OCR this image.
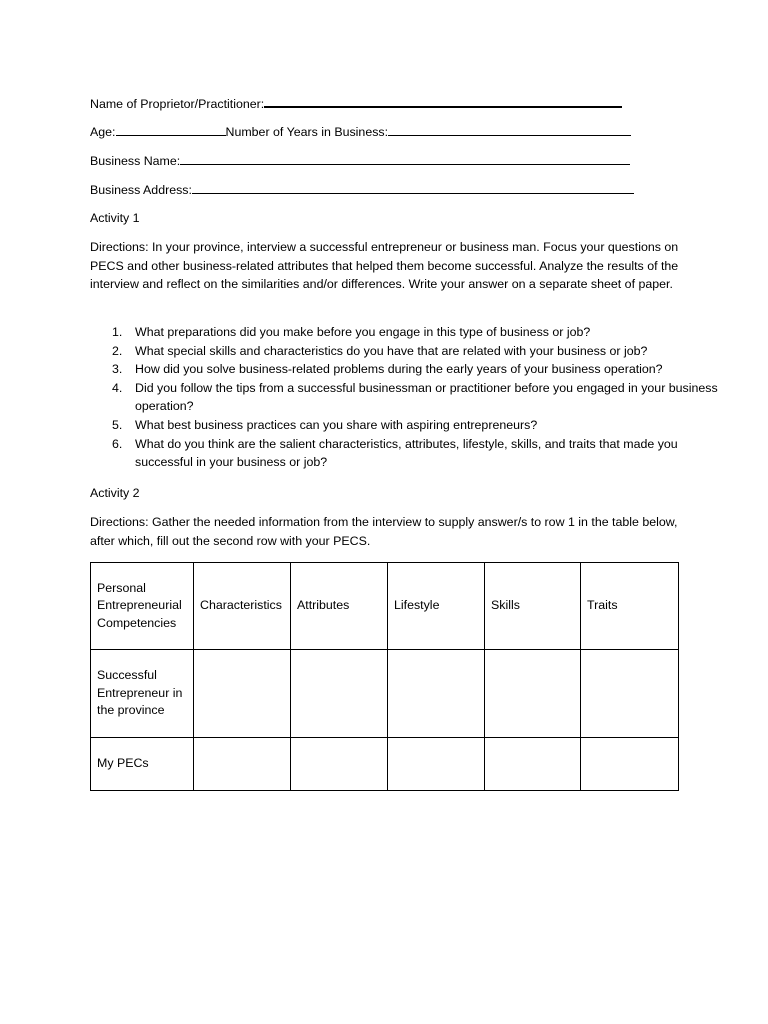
Name of Proprietor/Practitioner:
Age:	Number of Years in Business:
Business Name:
Business Address:
Activity 1
Directions: In your province, interview a successful entrepreneur or business man. Focus your questions on PECS and other business-related attributes that helped them become successful. Analyze the results of the interview and reflect on the similarities and/or differences. Write your answer on a separate sheet of paper.
1.	What preparations did you make before you engage in this type of business or job?
2.	What special skills and characteristics do you have that are related with your business or job?
3.	How did you solve business-related problems during the early years of your business operation?
4.	Did you follow the tips from a successful businessman or practitioner before you engaged in your business operation?
5.	What best business practices can you share with aspiring entrepreneurs?
6.	What do you think are the salient characteristics, attributes, lifestyle, skills, and traits that made you successful in your business or job?
Activity 2
Directions: Gather the needed information from the interview to supply answer/s to row 1 in the table below, after which, fill out the second row with your PECS.
Personal Entrepreneurial Competencies	Characteristics	Attributes	Lifestyle	Skills	Traits
Successful Entrepreneur in the province					
My PECs					
